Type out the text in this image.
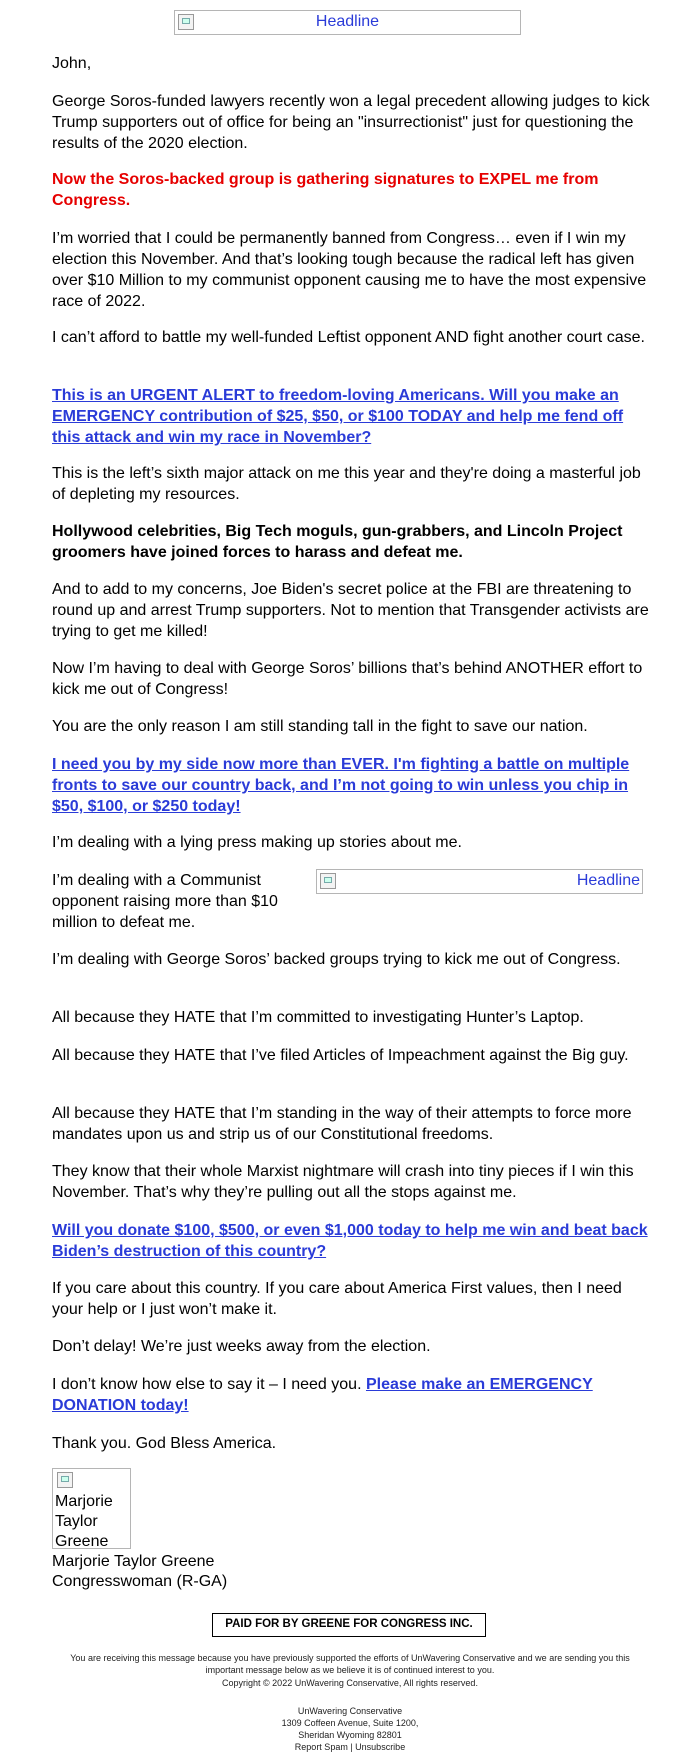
Headline

John,

George Soros-funded lawyers recently won a legal precedent allowing judges to kick Trump supporters out of office for being an "insurrectionist" just for questioning the results of the 2020 election.

Now the Soros-backed group is gathering signatures to EXPEL me from Congress.

I’m worried that I could be permanently banned from Congress… even if I win my election this November. And that’s looking tough because the radical left has given over $10 Million to my communist opponent causing me to have the most expensive race of 2022.

I can’t afford to battle my well-funded Leftist opponent AND fight another court case.

This is an URGENT ALERT to freedom-loving Americans. Will you make an EMERGENCY contribution of $25, $50, or $100 TODAY and help me fend off this attack and win my race in November?

This is the left’s sixth major attack on me this year and they're doing a masterful job of depleting my resources.

Hollywood celebrities, Big Tech moguls, gun-grabbers, and Lincoln Project groomers have joined forces to harass and defeat me.

And to add to my concerns, Joe Biden's secret police at the FBI are threatening to round up and arrest Trump supporters. Not to mention that Transgender activists are trying to get me killed!

Now I’m having to deal with George Soros’ billions that’s behind ANOTHER effort to kick me out of Congress!

You are the only reason I am still standing tall in the fight to save our nation.

I need you by my side now more than EVER. I'm fighting a battle on multiple fronts to save our country back, and I’m not going to win unless you chip in $50, $100, or $250 today!

I’m dealing with a lying press making up stories about me.

I’m dealing with a Communist opponent raising more than $10 million to defeat me.

I’m dealing with George Soros’ backed groups trying to kick me out of Congress.

All because they HATE that I’m committed to investigating Hunter’s Laptop.

All because they HATE that I’ve filed Articles of Impeachment against the Big guy.

All because they HATE that I’m standing in the way of their attempts to force more mandates upon us and strip us of our Constitutional freedoms.

They know that their whole Marxist nightmare will crash into tiny pieces if I win this November. That’s why they’re pulling out all the stops against me.

Will you donate $100, $500, or even $1,000 today to help me win and beat back Biden’s destruction of this country?

If you care about this country. If you care about America First values, then I need your help or I just won’t make it.

Don’t delay! We’re just weeks away from the election.

I don’t know how else to say it – I need you. Please make an EMERGENCY DONATION today!

Thank you. God Bless America.

Marjorie Taylor Greene

Marjorie Taylor Greene

Congresswoman (R-GA)

Headline
PAID FOR BY GREENE FOR CONGRESS INC.
You are receiving this message because you have previously supported the efforts of UnWavering Conservative and we are sending you this important message below as we believe it is of continued interest to you.
Copyright © 2022 UnWavering Conservative, All rights reserved.
UnWavering Conservative
1309 Coffeen Avenue, Suite 1200,
Sheridan Wyoming 82801
Report Spam | Unsubscribe
